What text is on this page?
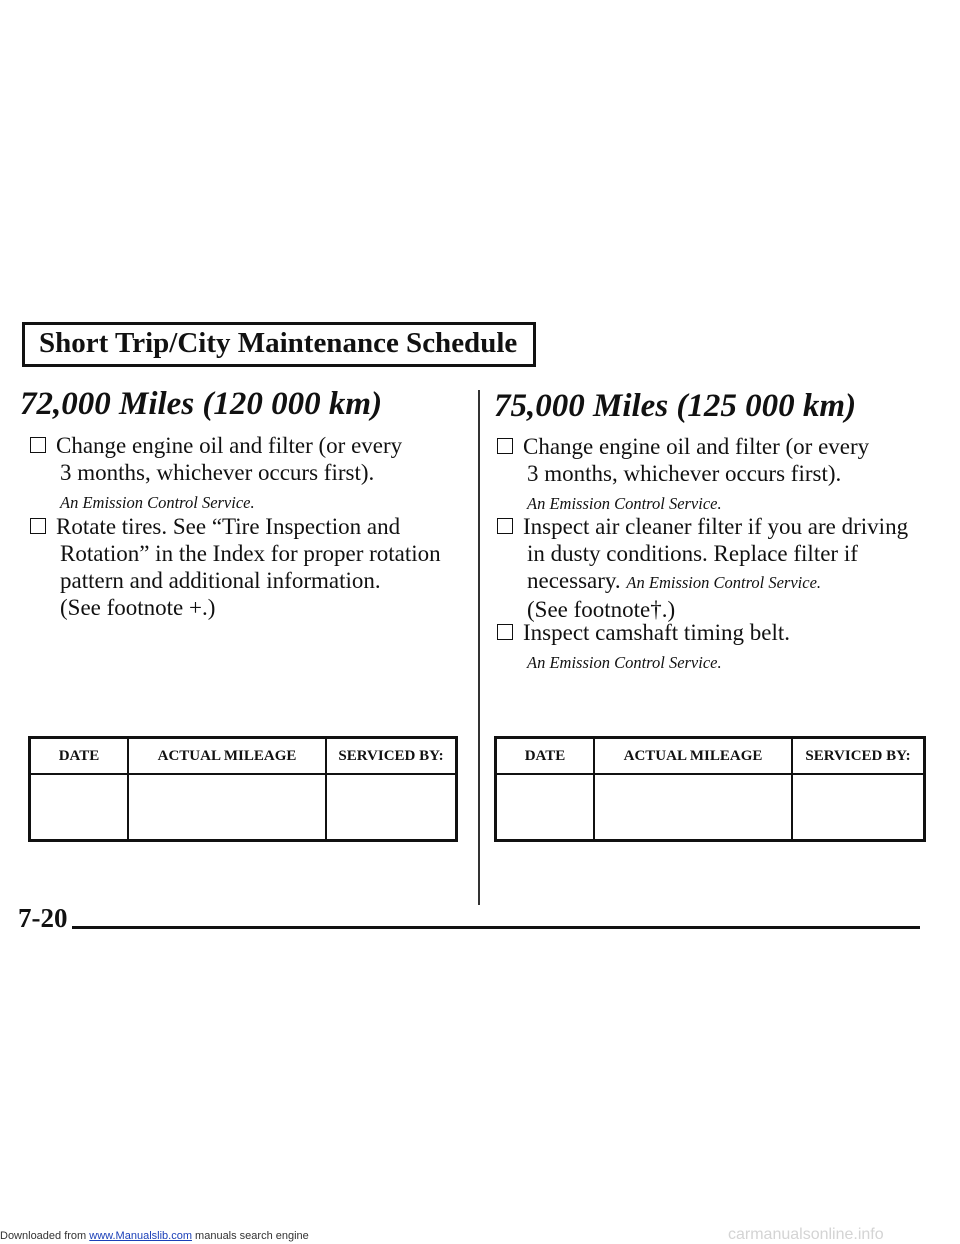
Short Trip/City Maintenance Schedule
72,000 Miles (120 000 km)
Change engine oil and filter (or every
3 months, whichever occurs first).
An Emission Control Service.
Rotate tires. See “Tire Inspection and
Rotation” in the Index for proper rotation
pattern and additional information.
(See footnote +.)
DATE	ACTUAL MILEAGE	SERVICED BY:

75,000 Miles (125 000 km)
Change engine oil and filter (or every
3 months, whichever occurs first).
An Emission Control Service.
Inspect air cleaner filter if you are driving
in dusty conditions. Replace filter if
necessary. An Emission Control Service.
(See footnote†.)
Inspect camshaft timing belt.
An Emission Control Service.
DATE	ACTUAL MILEAGE	SERVICED BY:

7-20
Downloaded from www.Manualslib.com manuals search engine	carmanualsonline.info
